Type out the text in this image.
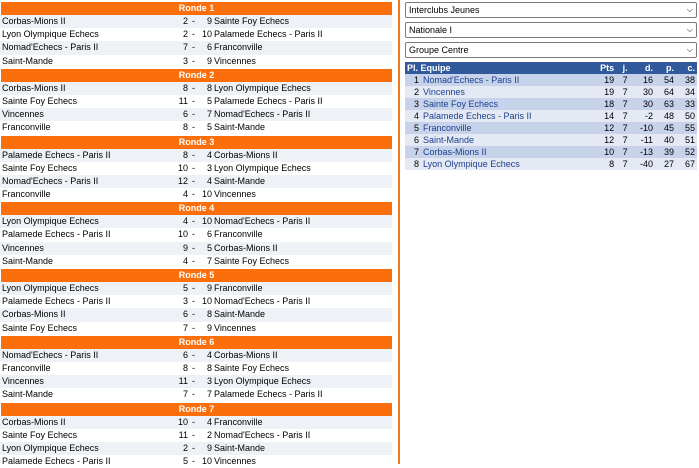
Ronde 1
Corbas-Mions II	2 -	9 Sainte Foy Echecs
Lyon Olympique Echecs	2 - 10 Palamede Echecs - Paris II
Nomad'Echecs - Paris II	7 -	6 Franconville
Saint-Mande	3 -	9 Vincennes
Ronde 2
Corbas-Mions II	8 -	8 Lyon Olympique Echecs
Sainte Foy Echecs	11 -	5 Palamede Echecs - Paris II
Vincennes	6 -	7 Nomad'Echecs - Paris II
Franconville	8 -	5 Saint-Mande
Ronde 3
Palamede Echecs - Paris II	8 -	4 Corbas-Mions II
Sainte Foy Echecs	10 -	3 Lyon Olympique Echecs
Nomad'Echecs - Paris II	12 -	4 Saint-Mande
Franconville	4 - 10 Vincennes
Ronde 4
Lyon Olympique Echecs	4 - 10 Nomad'Echecs - Paris II
Palamede Echecs - Paris II	10 -	6 Franconville
Vincennes	9 -	5 Corbas-Mions II
Saint-Mande	4 -	7 Sainte Foy Echecs
Ronde 5
Lyon Olympique Echecs	5 -	9 Franconville
Palamede Echecs - Paris II	3 - 10 Nomad'Echecs - Paris II
Corbas-Mions II	6 -	8 Saint-Mande
Sainte Foy Echecs	7 -	9 Vincennes
Ronde 6
Nomad'Echecs - Paris II	6 -	4 Corbas-Mions II
Franconville	8 -	8 Sainte Foy Echecs
Vincennes	11 -	3 Lyon Olympique Echecs
Saint-Mande	7 -	7 Palamede Echecs - Paris II
Ronde 7
Corbas-Mions II	10 -	4 Franconville
Sainte Foy Echecs	11 -	2 Nomad'Echecs - Paris II
Lyon Olympique Echecs	2 -	9 Saint-Mande
Palamede Echecs - Paris II	5 - 10 Vincennes
Interclubs Jeunes	⌵
Nationale I	⌵
Groupe Centre	⌵
Pl. Equipe		Pts	j.	d.	p.	c.
1	Nomad'Echecs - Paris II	19	7	16	54	38
2	Vincennes	19	7	30	64	34
3	Sainte Foy Echecs	18	7	30	63	33
4	Palamede Echecs - Paris II	14	7	-2	48	50
5	Franconville	12	7	-10	45	55
6	Saint-Mande	12	7	-11	40	51
7	Corbas-Mions II	10	7	-13	39	52
8	Lyon Olympique Echecs	8	7	-40	27	67
